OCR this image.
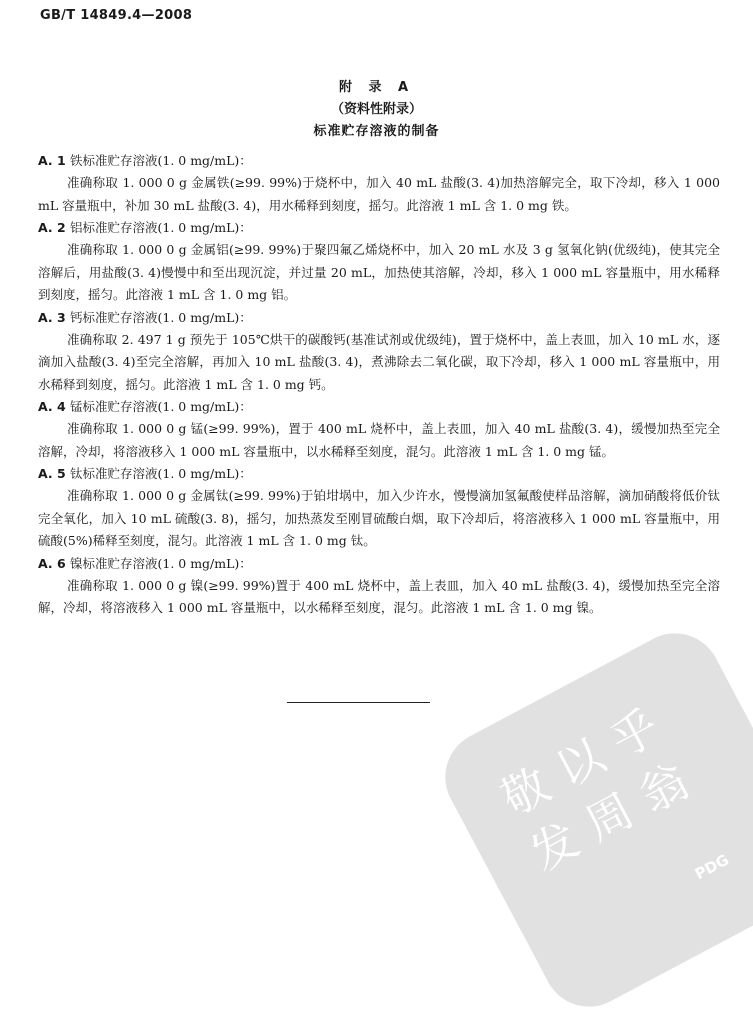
GB/T 14849.4—2008
附 录 A
（资料性附录）
标准贮存溶液的制备
A. 1 铁标准贮存溶液(1. 0 mg/mL)：

准确称取 1. 000 0 g 金属铁(≥99. 99%)于烧杯中，加入 40 mL 盐酸(3. 4)加热溶解完全，取下冷却，移入 1 000 mL 容量瓶中，补加 30 mL 盐酸(3. 4)，用水稀释到刻度，摇匀。此溶液 1 mL 含 1. 0 mg 铁。

A. 2 铝标准贮存溶液(1. 0 mg/mL)：

准确称取 1. 000 0 g 金属铝(≥99. 99%)于聚四氟乙烯烧杯中，加入 20 mL 水及 3 g 氢氧化钠(优级纯)，使其完全溶解后，用盐酸(3. 4)慢慢中和至出现沉淀，并过量 20 mL，加热使其溶解，冷却，移入 1 000 mL 容量瓶中，用水稀释到刻度，摇匀。此溶液 1 mL 含 1. 0 mg 铝。

A. 3 钙标准贮存溶液(1. 0 mg/mL)：

准确称取 2. 497 1 g 预先于 105℃烘干的碳酸钙(基准试剂或优级纯)，置于烧杯中，盖上表皿，加入 10 mL 水，逐滴加入盐酸(3. 4)至完全溶解，再加入 10 mL 盐酸(3. 4)，煮沸除去二氧化碳，取下冷却，移入 1 000 mL 容量瓶中，用水稀释到刻度，摇匀。此溶液 1 mL 含 1. 0 mg 钙。

A. 4 锰标准贮存溶液(1. 0 mg/mL)：

准确称取 1. 000 0 g 锰(≥99. 99%)，置于 400 mL 烧杯中，盖上表皿，加入 40 mL 盐酸(3. 4)，缓慢加热至完全溶解，冷却，将溶液移入 1 000 mL 容量瓶中，以水稀释至刻度，混匀。此溶液 1 mL 含 1. 0 mg 锰。

A. 5 钛标准贮存溶液(1. 0 mg/mL)：

准确称取 1. 000 0 g 金属钛(≥99. 99%)于铂坩埚中，加入少许水，慢慢滴加氢氟酸使样品溶解，滴加硝酸将低价钛完全氧化，加入 10 mL 硫酸(3. 8)，摇匀，加热蒸发至刚冒硫酸白烟，取下冷却后，将溶液移入 1 000 mL 容量瓶中，用硫酸(5%)稀释至刻度，混匀。此溶液 1 mL 含 1. 0 mg 钛。

A. 6 镍标准贮存溶液(1. 0 mg/mL)：

准确称取 1. 000 0 g 镍(≥99. 99%)置于 400 mL 烧杯中，盖上表皿，加入 40 mL 盐酸(3. 4)，缓慢加热至完全溶解，冷却，将溶液移入 1 000 mL 容量瓶中，以水稀释至刻度，混匀。此溶液 1 mL 含 1. 0 mg 镍。

敬以乎 发周翁
PDG
